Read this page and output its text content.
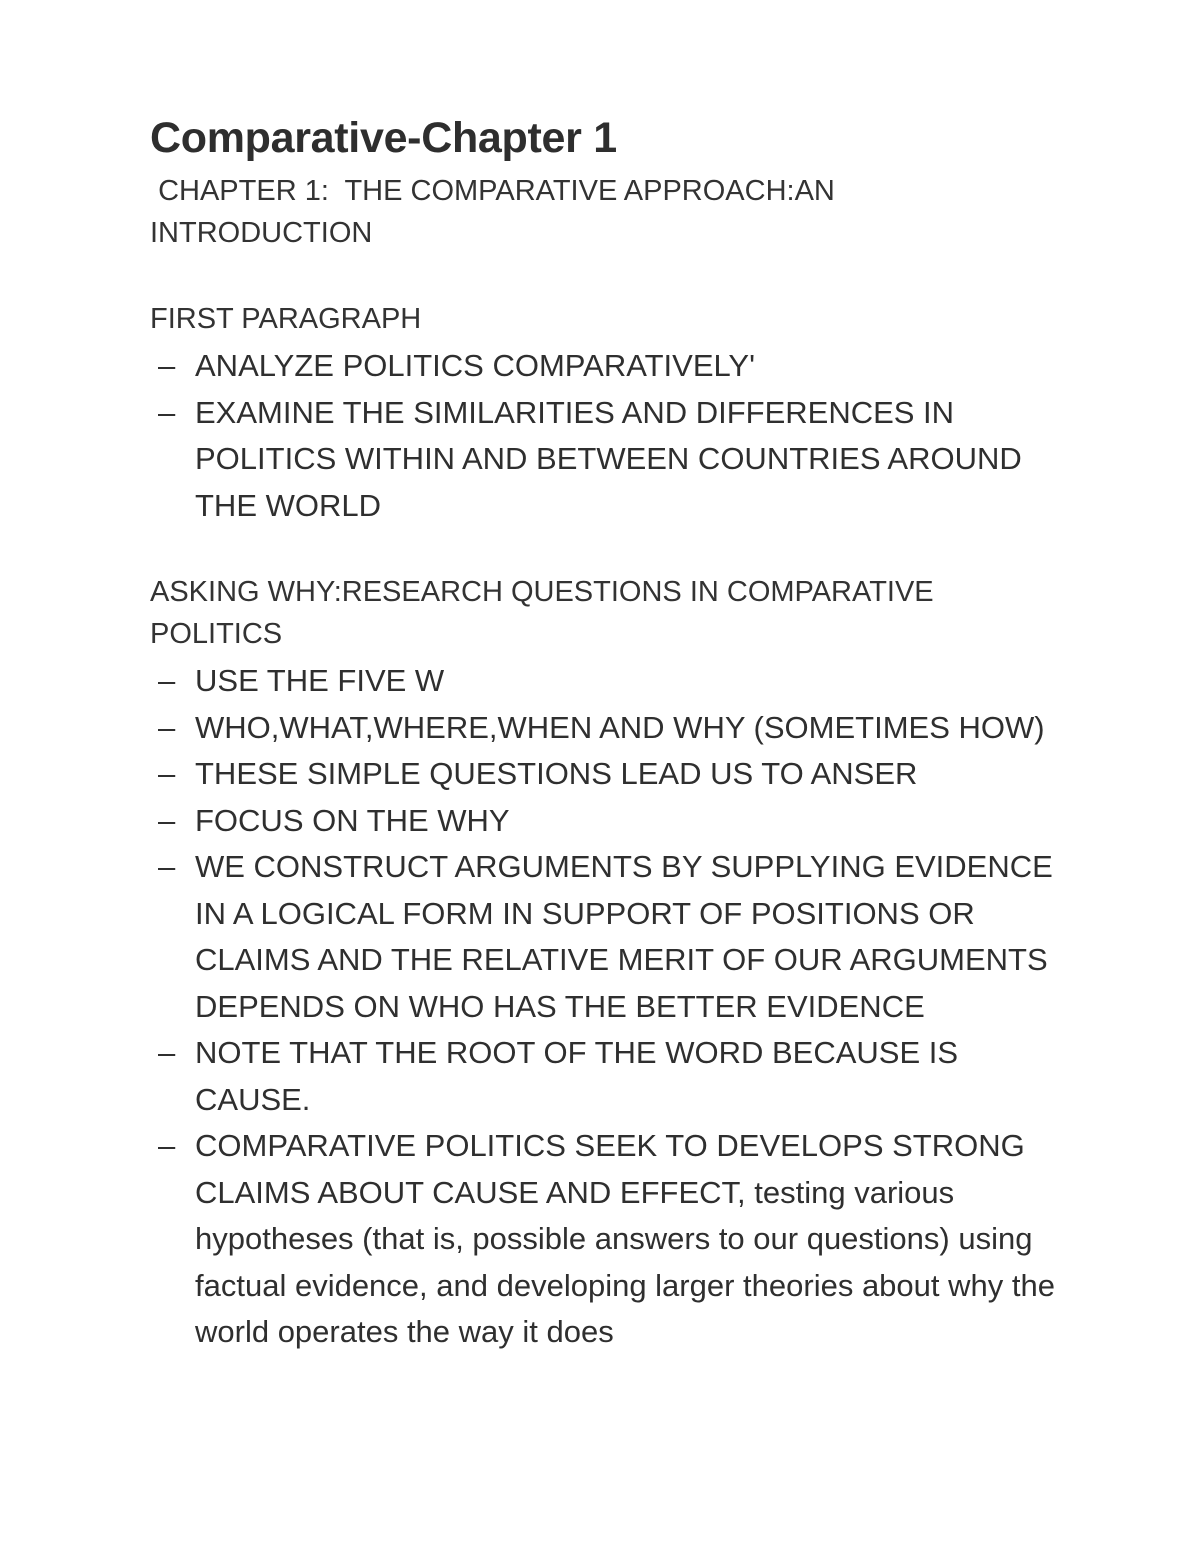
Comparative-Chapter 1

CHAPTER 1:  THE COMPARATIVE APPROACH:AN
INTRODUCTION

FIRST PARAGRAPH

– ANALYZE POLITICS COMPARATIVELY'
– EXAMINE THE SIMILARITIES AND DIFFERENCES IN POLITICS WITHIN AND BETWEEN COUNTRIES AROUND THE WORLD

ASKING WHY:RESEARCH QUESTIONS IN COMPARATIVE POLITICS

– USE THE FIVE W
– WHO,WHAT,WHERE,WHEN AND WHY (SOMETIMES HOW)
– THESE SIMPLE QUESTIONS LEAD US TO ANSER
– FOCUS ON THE WHY
– WE CONSTRUCT ARGUMENTS BY SUPPLYING EVIDENCE IN A LOGICAL FORM IN SUPPORT OF POSITIONS OR CLAIMS AND THE RELATIVE MERIT OF OUR ARGUMENTS DEPENDS ON WHO HAS THE BETTER EVIDENCE
– NOTE THAT THE ROOT OF THE WORD BECAUSE IS CAUSE.
– COMPARATIVE POLITICS SEEK TO DEVELOPS STRONG CLAIMS ABOUT CAUSE AND EFFECT, testing various hypotheses (that is, possible answers to our questions) using factual evidence, and developing larger theories about why the world operates the way it does
